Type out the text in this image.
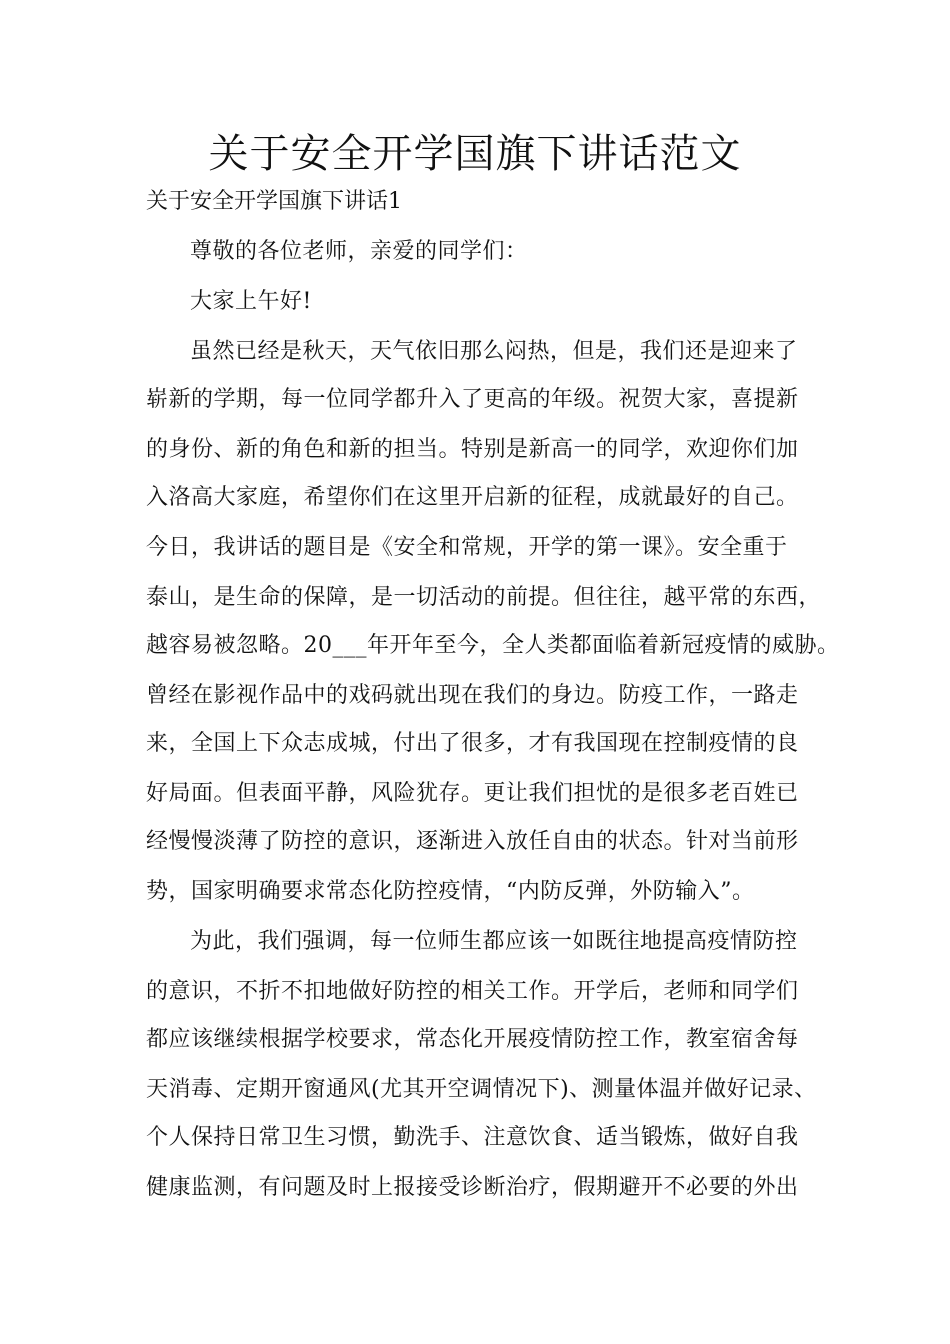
关于安全开学国旗下讲话范文

关于安全开学国旗下讲话1

尊敬的各位老师，亲爱的同学们：

大家上午好!

虽然已经是秋天，天气依旧那么闷热，但是，我们还是迎来了

崭新的学期，每一位同学都升入了更高的年级。祝贺大家，喜提新

的身份、新的角色和新的担当。特别是新高一的同学，欢迎你们加

入洛高大家庭，希望你们在这里开启新的征程，成就最好的自己。

今日，我讲话的题目是《安全和常规，开学的第一课》。安全重于

泰山，是生命的保障，是一切活动的前提。但往往，越平常的东西，

越容易被忽略。20___年开年至今，全人类都面临着新冠疫情的威胁。

曾经在影视作品中的戏码就出现在我们的身边。防疫工作，一路走

来，全国上下众志成城，付出了很多，才有我国现在控制疫情的良

好局面。但表面平静，风险犹存。更让我们担忧的是很多老百姓已

经慢慢淡薄了防控的意识，逐渐进入放任自由的状态。针对当前形

势，国家明确要求常态化防控疫情，“内防反弹，外防输入”。

为此，我们强调，每一位师生都应该一如既往地提高疫情防控

的意识，不折不扣地做好防控的相关工作。开学后，老师和同学们

都应该继续根据学校要求，常态化开展疫情防控工作，教室宿舍每

天消毒、定期开窗通风(尤其开空调情况下)、测量体温并做好记录、

个人保持日常卫生习惯，勤洗手、注意饮食、适当锻炼，做好自我

健康监测，有问题及时上报接受诊断治疗，假期避开不必要的外出
